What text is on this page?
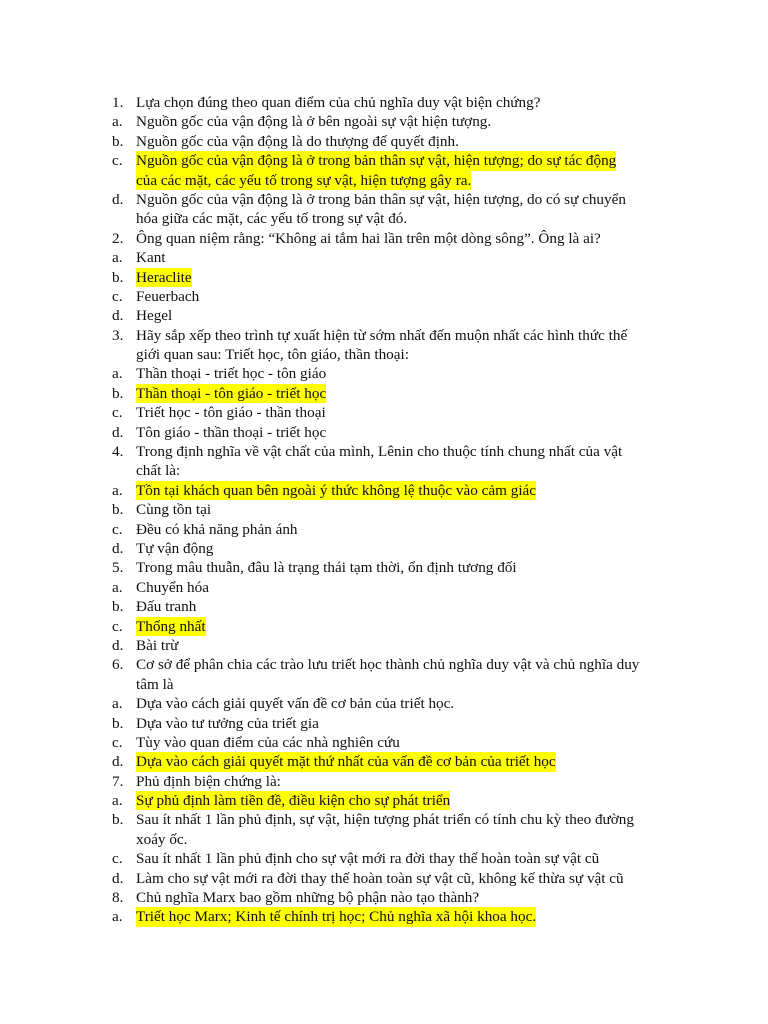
1. Lựa chọn đúng theo quan điểm của chủ nghĩa duy vật biện chứng?
a. Nguồn gốc của vận động là ở bên ngoài sự vật hiện tượng.
b. Nguồn gốc của vận động là do thượng đế quyết định.
c. Nguồn gốc của vận động là ở trong bản thân sự vật, hiện tượng; do sự tác động
của các mặt, các yếu tố trong sự vật, hiện tượng gây ra.
d. Nguồn gốc của vận động là ở trong bản thân sự vật, hiện tượng, do có sự chuyển
hóa giữa các mặt, các yếu tố trong sự vật đó.
2. Ông quan niệm rằng: “Không ai tắm hai lần trên một dòng sông”. Ông là ai?
a. Kant
b. Heraclite
c. Feuerbach
d. Hegel
3. Hãy sắp xếp theo trình tự xuất hiện từ sớm nhất đến muộn nhất các hình thức thế
giới quan sau: Triết học, tôn giáo, thần thoại:
a. Thần thoại - triết học - tôn giáo
b. Thần thoại - tôn giáo - triết học
c. Triết học - tôn giáo - thần thoại
d. Tôn giáo - thần thoại - triết học
4. Trong định nghĩa về vật chất của mình, Lênin cho thuộc tính chung nhất của vật
chất là:
a. Tồn tại khách quan bên ngoài ý thức không lệ thuộc vào cảm giác
b. Cùng tồn tại
c. Đều có khả năng phản ánh
d. Tự vận động
5. Trong mâu thuẫn, đâu là trạng thái tạm thời, ổn định tương đối
a. Chuyển hóa
b. Đấu tranh
c. Thống nhất
d. Bài trừ
6. Cơ sở để phân chia các trào lưu triết học thành chủ nghĩa duy vật và chủ nghĩa duy
tâm là
a. Dựa vào cách giải quyết vấn đề cơ bản của triết học.
b. Dựa vào tư tưởng của triết gia
c. Tùy vào quan điểm của các nhà nghiên cứu
d. Dựa vào cách giải quyết mặt thứ nhất của vấn đề cơ bản của triết học
7. Phủ định biện chứng là:
a. Sự phủ định làm tiền đề, điều kiện cho sự phát triển
b. Sau ít nhất 1 lần phủ định, sự vật, hiện tượng phát triển có tính chu kỳ theo đường
xoáy ốc.
c. Sau ít nhất 1 lần phủ định cho sự vật mới ra đời thay thế hoàn toàn sự vật cũ
d. Làm cho sự vật mới ra đời thay thế hoàn toàn sự vật cũ, không kế thừa sự vật cũ
8. Chủ nghĩa Marx bao gồm những bộ phận nào tạo thành?
a. Triết học Marx; Kinh tế chính trị học; Chủ nghĩa xã hội khoa học.
